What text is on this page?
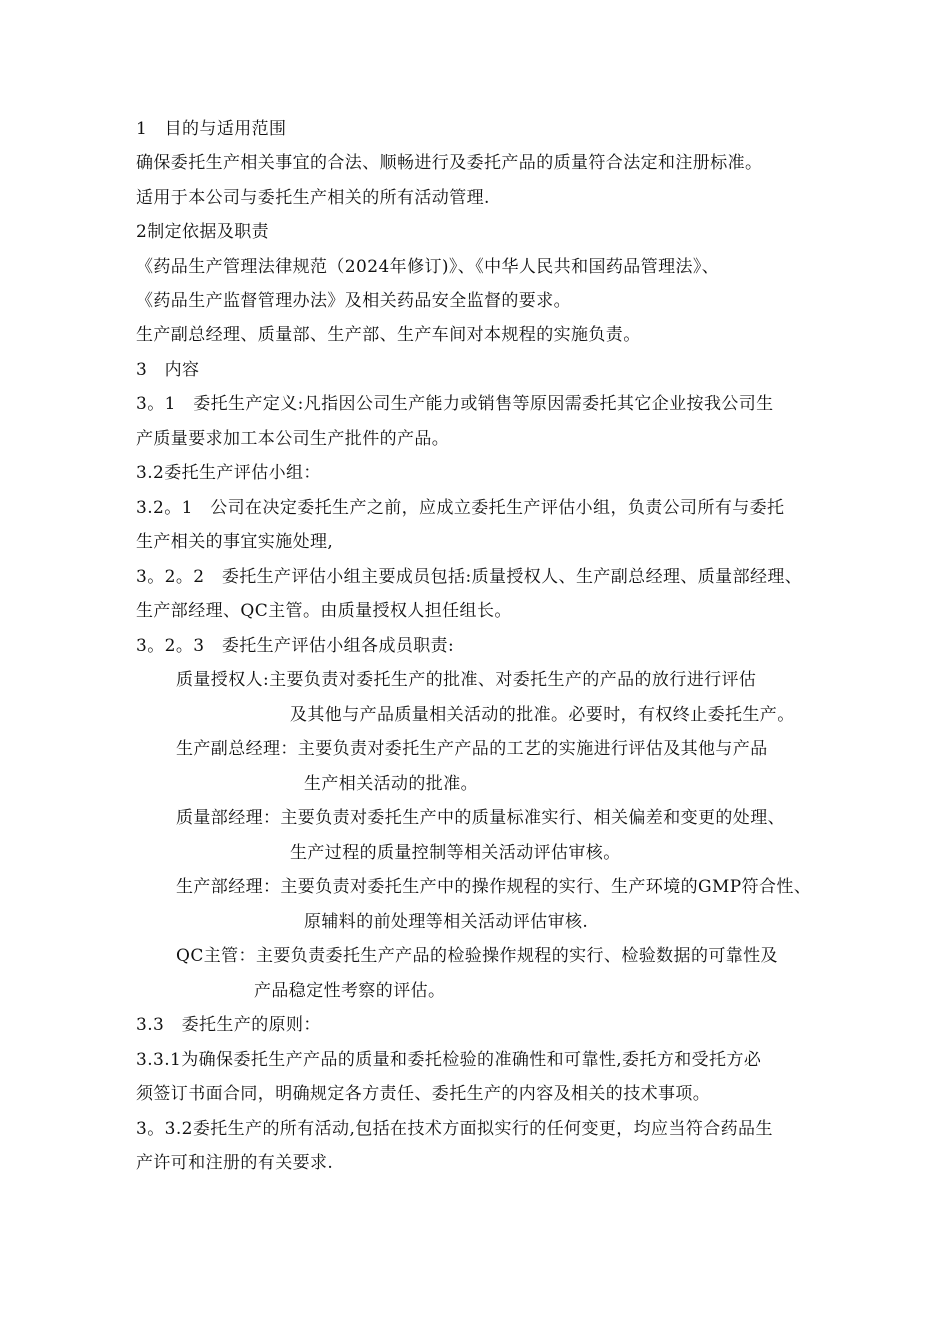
1　目的与适用范围
确保委托生产相关事宜的合法、顺畅进行及委托产品的质量符合法定和注册标准。
适用于本公司与委托生产相关的所有活动管理.
2制定依据及职责
《药品生产管理法律规范（2024年修订)》、《中华人民共和国药品管理法》、
《药品生产监督管理办法》及相关药品安全监督的要求。
生产副总经理、质量部、生产部、生产车间对本规程的实施负责。
3　内容
3。1　委托生产定义:凡指因公司生产能力或销售等原因需委托其它企业按我公司生
产质量要求加工本公司生产批件的产品。
3.2委托生产评估小组：
3.2。1　公司在决定委托生产之前，应成立委托生产评估小组，负责公司所有与委托
生产相关的事宜实施处理,
3。2。2　委托生产评估小组主要成员包括:质量授权人、生产副总经理、质量部经理、
生产部经理、QC主管。由质量授权人担任组长。
3。2。3　委托生产评估小组各成员职责:
质量授权人:主要负责对委托生产的批准、对委托生产的产品的放行进行评估
及其他与产品质量相关活动的批准。必要时，有权终止委托生产。
生产副总经理：主要负责对委托生产产品的工艺的实施进行评估及其他与产品
生产相关活动的批准。
质量部经理：主要负责对委托生产中的质量标准实行、相关偏差和变更的处理、
生产过程的质量控制等相关活动评估审核。
生产部经理：主要负责对委托生产中的操作规程的实行、生产环境的GMP符合性、
原辅料的前处理等相关活动评估审核.
QC主管：主要负责委托生产产品的检验操作规程的实行、检验数据的可靠性及
产品稳定性考察的评估。
3.3　委托生产的原则：
3.3.1为确保委托生产产品的质量和委托检验的准确性和可靠性,委托方和受托方必
须签订书面合同，明确规定各方责任、委托生产的内容及相关的技术事项。
3。3.2委托生产的所有活动,包括在技术方面拟实行的任何变更，均应当符合药品生
产许可和注册的有关要求.
